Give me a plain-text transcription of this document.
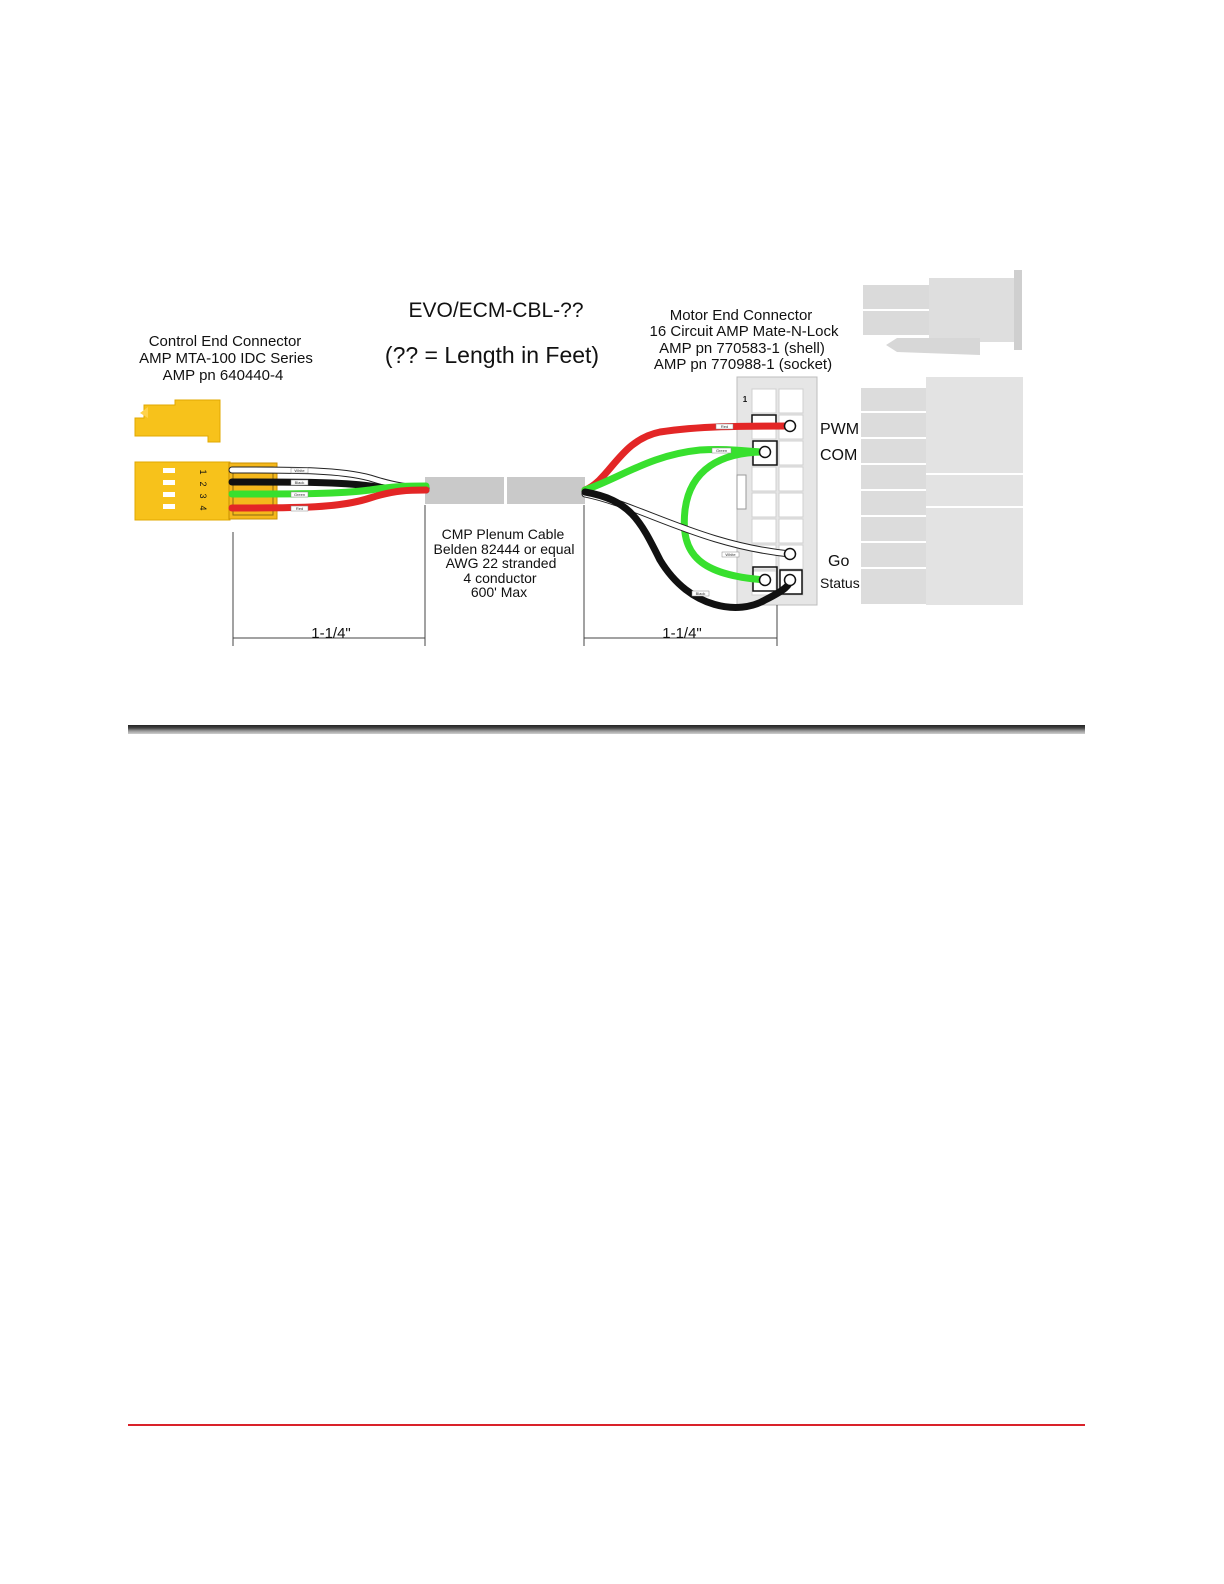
EVO/ECM-CBL-??
(?? = Length in Feet)
Control End Connector
AMP MTA-100 IDC Series
AMP pn 640440-4
Motor End Connector
16 Circuit AMP Mate-N-Lock
AMP pn 770583-1 (shell)
AMP pn 770988-1 (socket)
1
2
3
4
White
Black
Green
Red
1
Red
Green
White
Black
PWM
COM
Go
Status
CMP Plenum Cable
Belden 82444 or equal
AWG 22 stranded
4 conductor
600' Max
1-1/4"	1-1/4"
